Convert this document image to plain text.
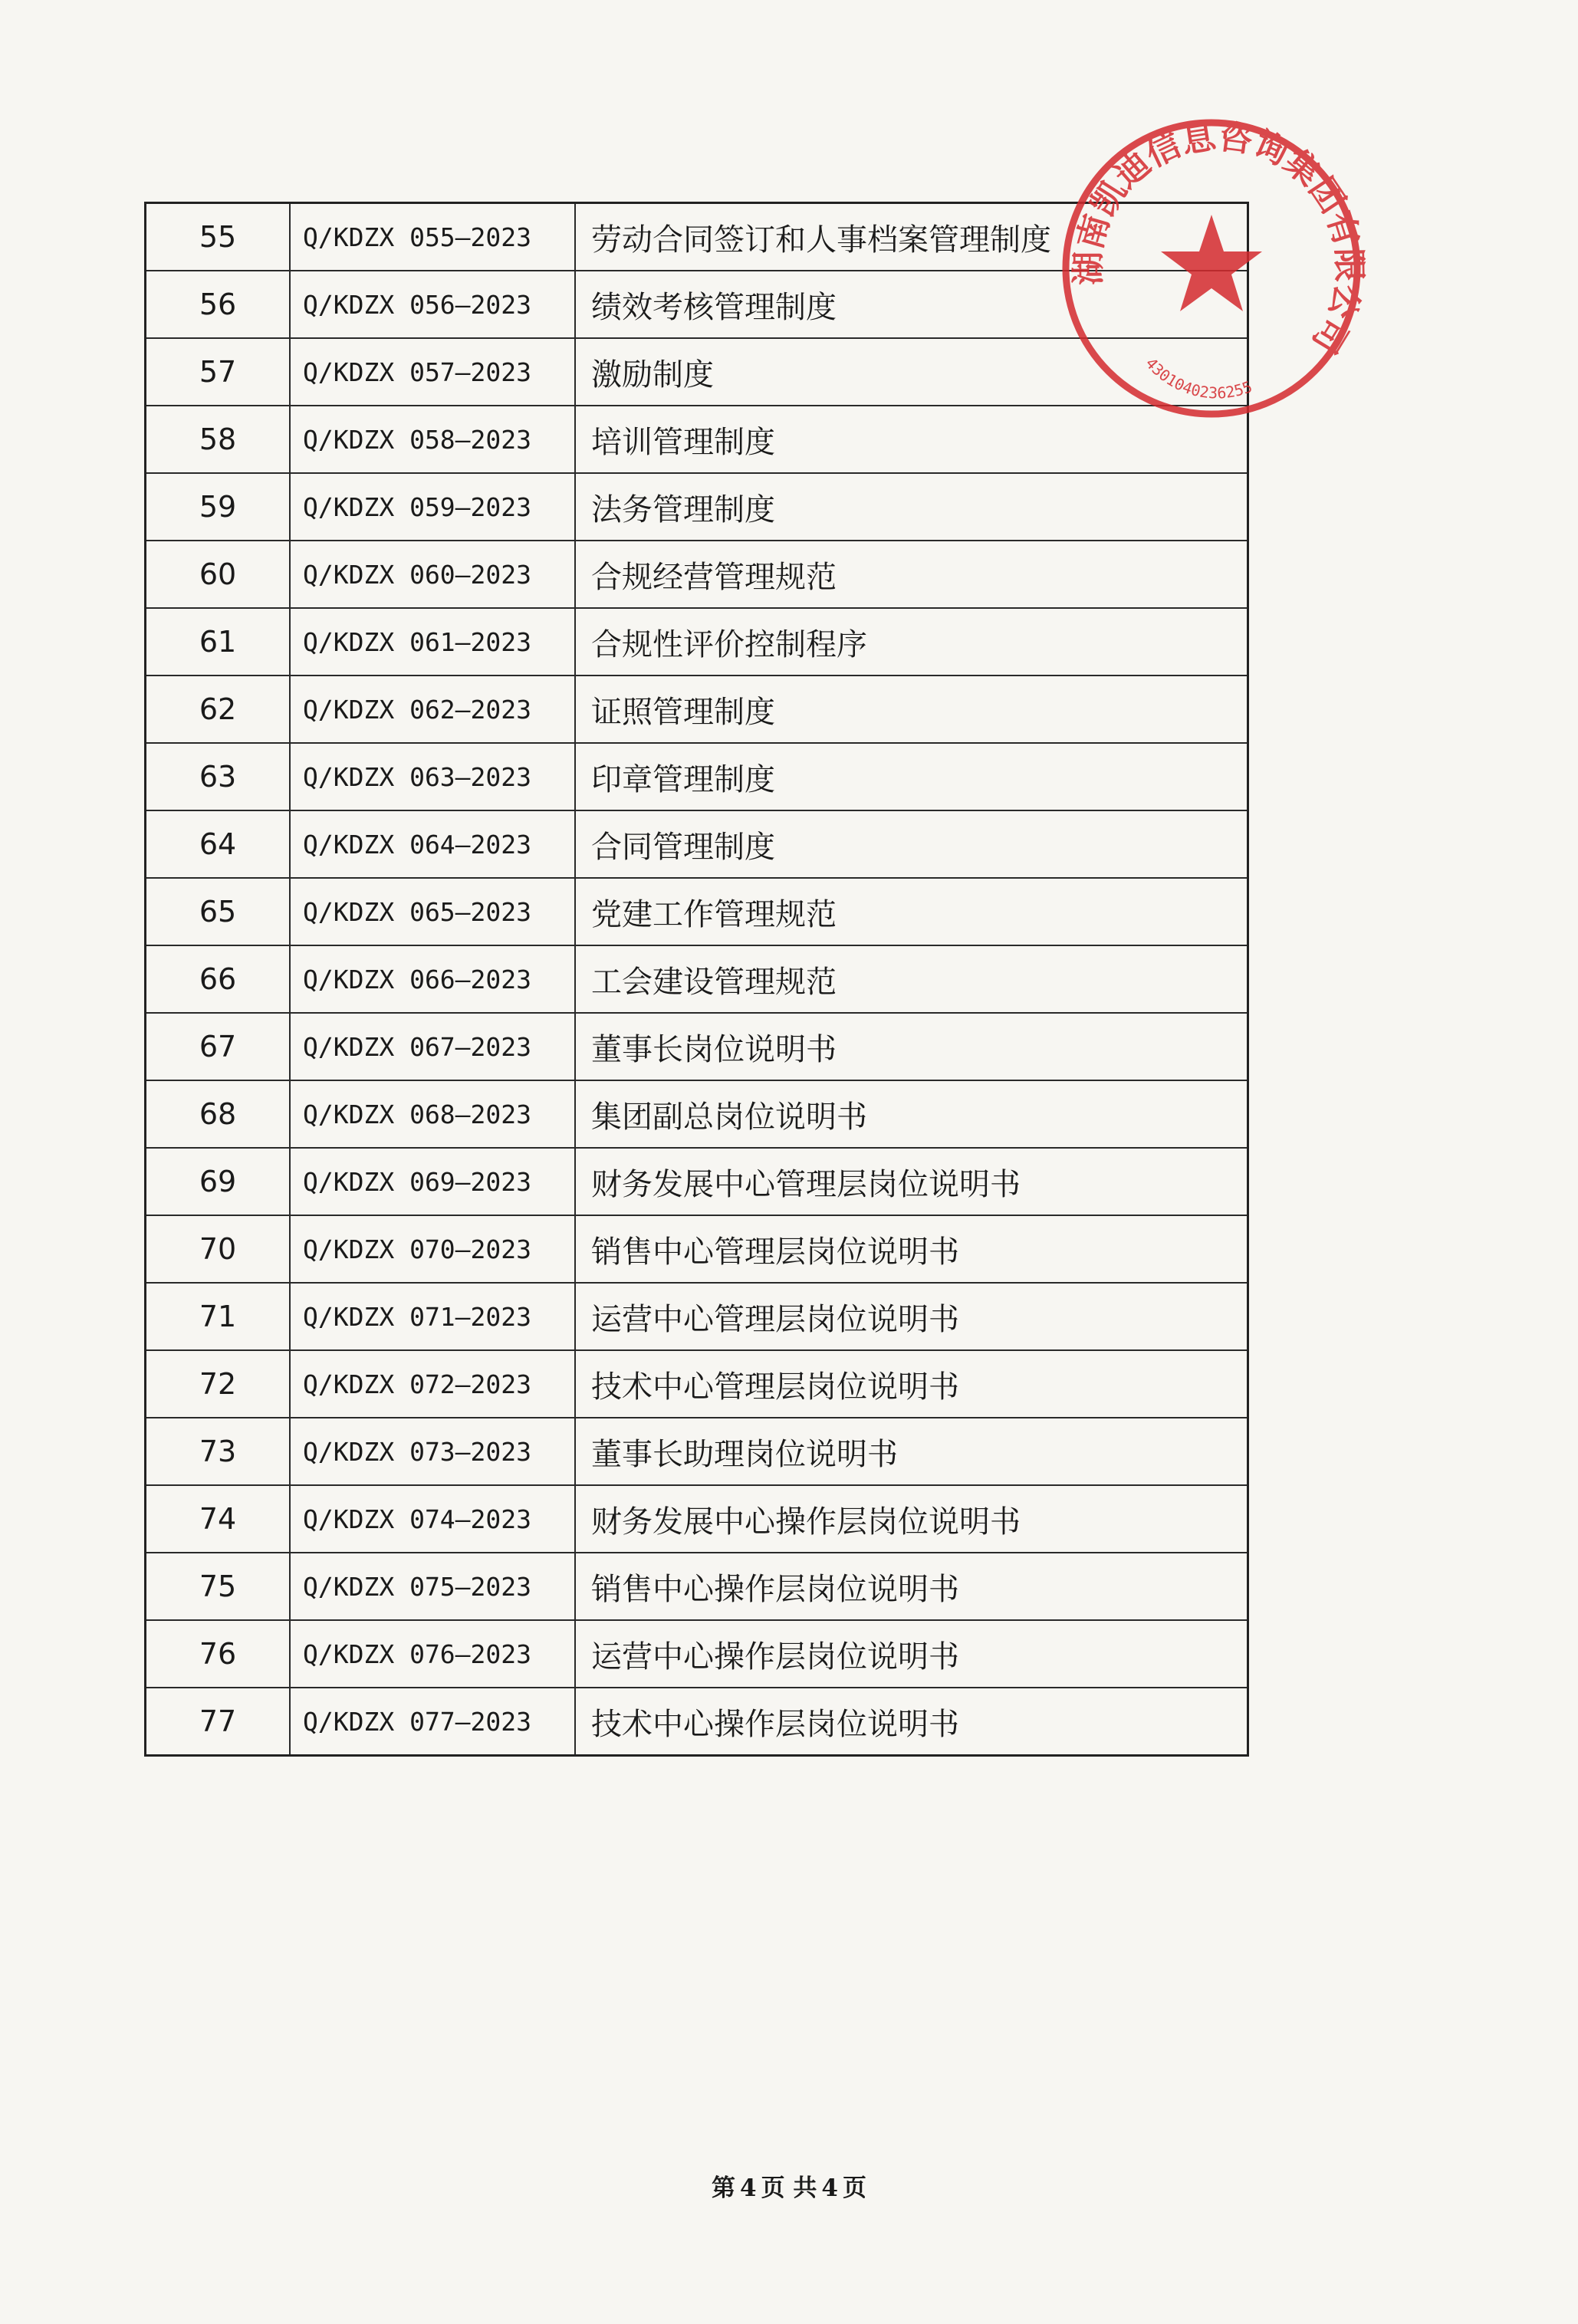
55	Q/KDZX 055—2023	劳动合同签订和人事档案管理制度
56	Q/KDZX 056—2023	绩效考核管理制度
57	Q/KDZX 057—2023	激励制度
58	Q/KDZX 058—2023	培训管理制度
59	Q/KDZX 059—2023	法务管理制度
60	Q/KDZX 060—2023	合规经营管理规范
61	Q/KDZX 061—2023	合规性评价控制程序
62	Q/KDZX 062—2023	证照管理制度
63	Q/KDZX 063—2023	印章管理制度
64	Q/KDZX 064—2023	合同管理制度
65	Q/KDZX 065—2023	党建工作管理规范
66	Q/KDZX 066—2023	工会建设管理规范
67	Q/KDZX 067—2023	董事长岗位说明书
68	Q/KDZX 068—2023	集团副总岗位说明书
69	Q/KDZX 069—2023	财务发展中心管理层岗位说明书
70	Q/KDZX 070—2023	销售中心管理层岗位说明书
71	Q/KDZX 071—2023	运营中心管理层岗位说明书
72	Q/KDZX 072—2023	技术中心管理层岗位说明书
73	Q/KDZX 073—2023	董事长助理岗位说明书
74	Q/KDZX 074—2023	财务发展中心操作层岗位说明书
75	Q/KDZX 075—2023	销售中心操作层岗位说明书
76	Q/KDZX 076—2023	运营中心操作层岗位说明书
77	Q/KDZX 077—2023	技术中心操作层岗位说明书
湖南凯迪信息咨询集团有限公司
4301040236255
第 4 页 共 4 页
